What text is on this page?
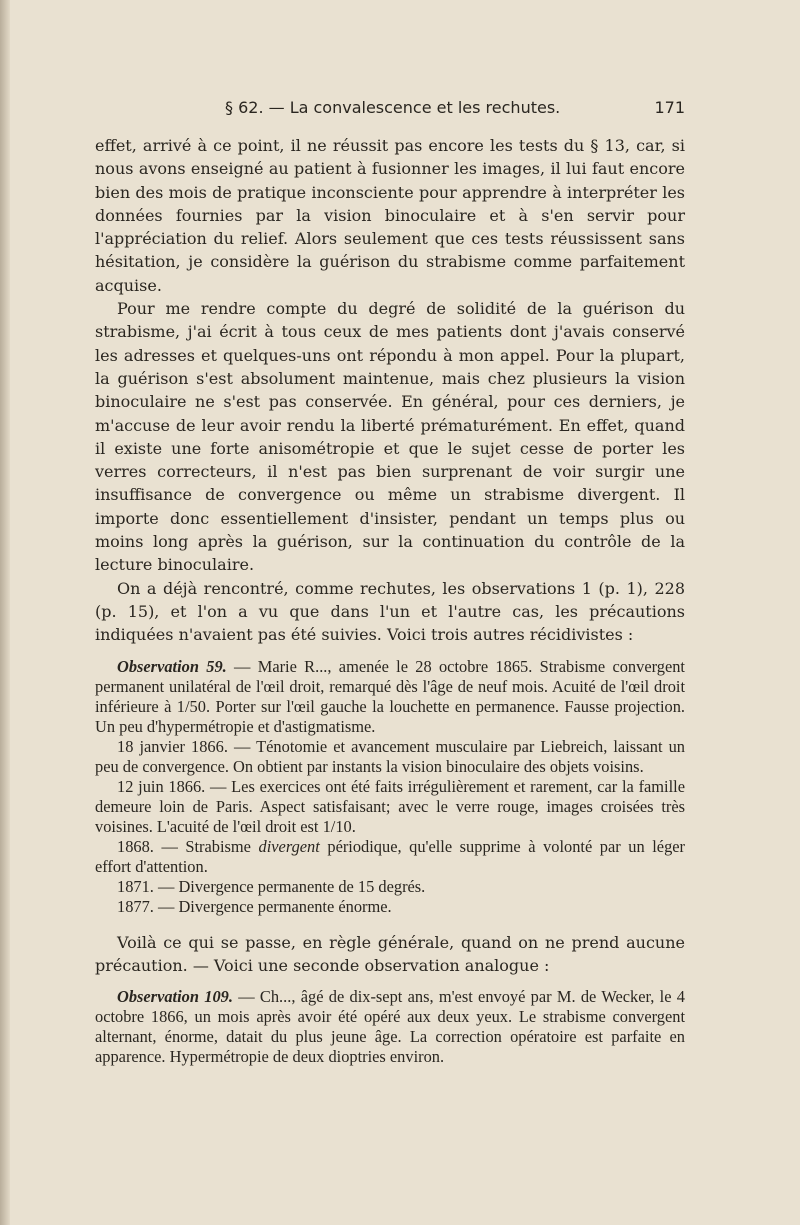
§ 62. — La convalescence et les rechutes.	171

effet, arrivé à ce point, il ne réussit pas encore les tests du § 13, car, si nous avons enseigné au patient à fusionner les images, il lui faut encore bien des mois de pratique inconsciente pour apprendre à interpréter les données fournies par la vision binoculaire et à s'en servir pour l'appréciation du relief. Alors seulement que ces tests réussissent sans hésitation, je considère la guérison du strabisme comme parfaitement acquise.

Pour me rendre compte du degré de solidité de la guérison du strabisme, j'ai écrit à tous ceux de mes patients dont j'avais conservé les adresses et quelques-uns ont répondu à mon appel. Pour la plupart, la guérison s'est absolument maintenue, mais chez plusieurs la vision binoculaire ne s'est pas conservée. En général, pour ces derniers, je m'accuse de leur avoir rendu la liberté prématurément. En effet, quand il existe une forte anisométropie et que le sujet cesse de porter les verres correcteurs, il n'est pas bien surprenant de voir surgir une insuffisance de convergence ou même un strabisme divergent. Il importe donc essentiellement d'insister, pendant un temps plus ou moins long après la guérison, sur la continuation du contrôle de la lecture binoculaire.

On a déjà rencontré, comme rechutes, les observations 1 (p. 1), 228 (p. 15), et l'on a vu que dans l'un et l'autre cas, les précautions indiquées n'avaient pas été suivies. Voici trois autres récidivistes :

Observation 59. — Marie R..., amenée le 28 octobre 1865. Strabisme convergent permanent unilatéral de l'œil droit, remarqué dès l'âge de neuf mois. Acuité de l'œil droit inférieure à 1/50. Porter sur l'œil gauche la louchette en permanence. Fausse projection. Un peu d'hypermétropie et d'astigmatisme.

18 janvier 1866. — Ténotomie et avancement musculaire par Liebreich, laissant un peu de convergence. On obtient par instants la vision binoculaire des objets voisins.

12 juin 1866. — Les exercices ont été faits irrégulièrement et rarement, car la famille demeure loin de Paris. Aspect satisfaisant; avec le verre rouge, images croisées très voisines. L'acuité de l'œil droit est 1/10.

1868. — Strabisme divergent périodique, qu'elle supprime à volonté par un léger effort d'attention.

1871. — Divergence permanente de 15 degrés.

1877. — Divergence permanente énorme.

Voilà ce qui se passe, en règle générale, quand on ne prend aucune précaution. — Voici une seconde observation analogue :

Observation 109. — Ch..., âgé de dix-sept ans, m'est envoyé par M. de Wecker, le 4 octobre 1866, un mois après avoir été opéré aux deux yeux. Le strabisme convergent alternant, énorme, datait du plus jeune âge. La correction opératoire est parfaite en apparence. Hypermétropie de deux dioptries environ.
